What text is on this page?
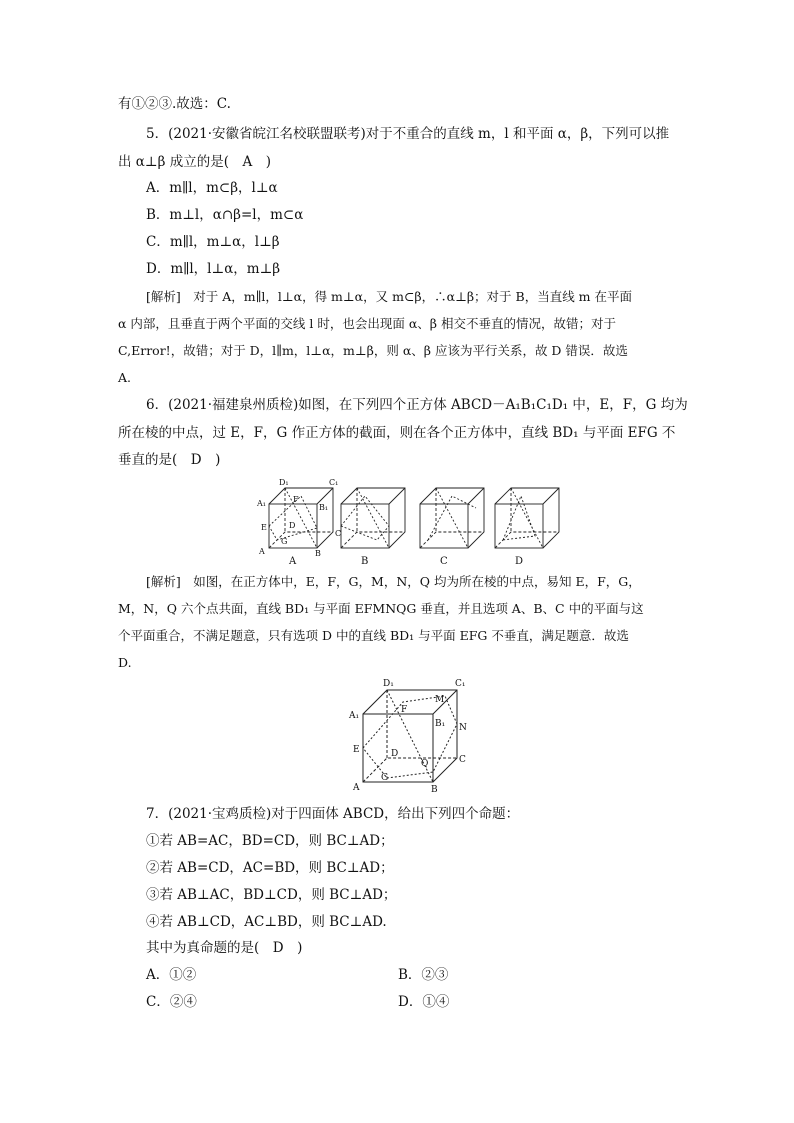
有①②③.故选：C.
5．(2021·安徽省皖江名校联盟联考)对于不重合的直线 m，l 和平面 α，β，下列可以推
出 α⊥β 成立的是(　A　)
A．m∥l，m⊂β，l⊥α
B．m⊥l，α∩β=l，m⊂α
C．m∥l，m⊥α，l⊥β
D．m∥l，l⊥α，m⊥β
[解析]　对于 A，m∥l，l⊥α，得 m⊥α，又 m⊂β，∴α⊥β；对于 B，当直线 m 在平面
α 内部，且垂直于两个平面的交线 l 时，也会出现面 α、β 相交不垂直的情况，故错；对于
C,Error!，故错；对于 D，l∥m，l⊥α，m⊥β，则 α、β 应该为平行关系，故 D 错误．故选
A.
6．(2021·福建泉州质检)如图，在下列四个正方体 ABCD－A₁B₁C₁D₁ 中，E，F，G 均为
所在棱的中点，过 E，F，G 作正方体的截面，则在各个正方体中，直线 BD₁ 与平面 EFG 不
垂直的是(　D　)
D₁	C₁
A₁	B₁
A	B
C
D
E
F
G
A	B	C	D
[解析]　如图，在正方体中，E，F，G，M，N，Q 均为所在棱的中点，易知 E，F，G，
M，N，Q 六个点共面，直线 BD₁ 与平面 EFMNQG 垂直，并且选项 A、B、C 中的平面与这
个平面重合，不满足题意，只有选项 D 中的直线 BD₁ 与平面 EFG 不垂直，满足题意．故选
D.
D₁	C₁
A₁
B₁
M
N
F
E	D
Q
G
A	B
C
7．(2021·宝鸡质检)对于四面体 ABCD，给出下列四个命题：
①若 AB=AC，BD=CD，则 BC⊥AD；
②若 AB=CD，AC=BD，则 BC⊥AD；
③若 AB⊥AC，BD⊥CD，则 BC⊥AD；
④若 AB⊥CD，AC⊥BD，则 BC⊥AD.
其中为真命题的是(　D　)
A．①②	B．②③
C．②④	D．①④
